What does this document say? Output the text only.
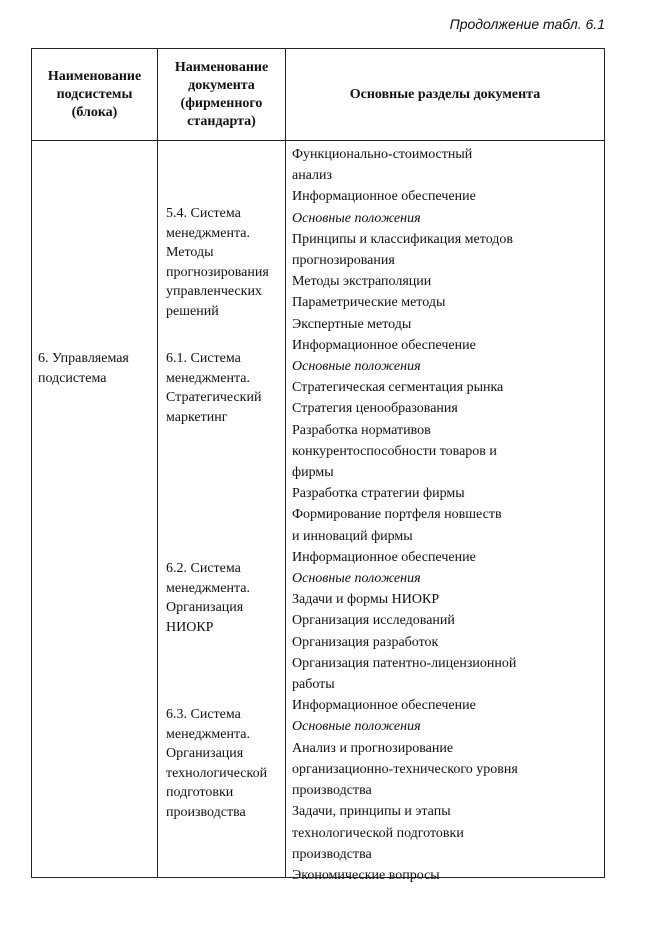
Продолжение табл. 6.1
Наименование
подсистемы
(блока)
Наименование
документа
(фирменного
стандарта)
Основные разделы документа
6. Управляемая подсистема
5.4. Система менеджмента. Методы прогнозирования управленческих решений
6.1. Система менеджмента. Стратегический маркетинг
6.2. Система менеджмента. Организация НИОКР
6.3. Система менеджмента. Организация технологической подготовки производства
Функционально-стоимостный
анализ
Информационное обеспечение
Основные положения
Принципы и классификация методов
прогнозирования
Методы экстраполяции
Параметрические методы
Экспертные методы
Информационное обеспечение
Основные положения
Стратегическая сегментация рынка
Стратегия ценообразования
Разработка нормативов
конкурентоспособности товаров и
фирмы
Разработка стратегии фирмы
Формирование портфеля новшеств
и инноваций фирмы
Информационное обеспечение
Основные положения
Задачи и формы НИОКР
Организация исследований
Организация разработок
Организация патентно-лицензионной
работы
Информационное обеспечение
Основные положения
Анализ и прогнозирование
организационно-технического уровня
производства
Задачи, принципы и этапы
технологической подготовки
производства
Экономические вопросы
